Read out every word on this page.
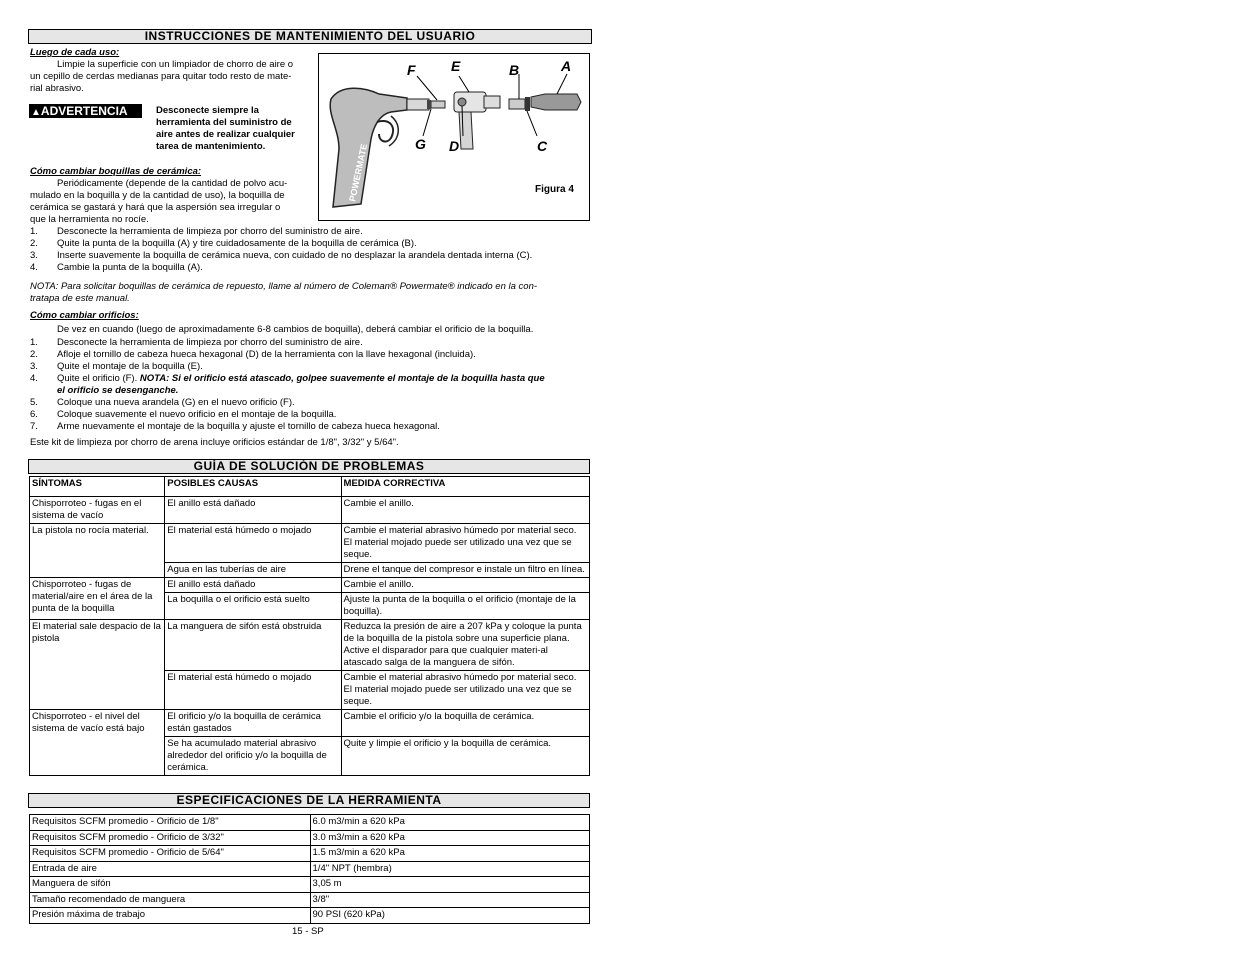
INSTRUCCIONES DE MANTENIMIENTO DEL USUARIO
Luego de cada uso:
Limpie la superficie con un limpiador de chorro de aire o
un cepillo de cerdas medianas para quitar todo resto de mate-
rial abrasivo.
▲ADVERTENCIA	Desconecte siempre la
herramienta del suministro de
aire antes de realizar cualquier
tarea de mantenimiento.
Cómo cambiar boquillas de cerámica:
Periódicamente (depende de la cantidad de polvo acu-
mulado en la boquilla y de la cantidad de uso), la boquilla de
cerámica se gastará y hará que la aspersión sea irregular o
que la herramienta no rocíe.
1. Desconecte la herramienta de limpieza por chorro del suministro de aire.
2. Quite la punta de la boquilla (A) y tire cuidadosamente de la boquilla de cerámica (B).
3. Inserte suavemente la boquilla de cerámica nueva, con cuidado de no desplazar la arandela dentada interna (C).
4. Cambie la punta de la boquilla (A).
NOTA: Para solicitar boquillas de cerámica de repuesto, llame al número de Coleman® Powermate® indicado en la con-
tratapa de este manual.
Cómo cambiar orificios:
De vez en cuando (luego de aproximadamente 6-8 cambios de boquilla), deberá cambiar el orificio de la boquilla.
1. Desconecte la herramienta de limpieza por chorro del suministro de aire.
2. Afloje el tornillo de cabeza hueca hexagonal (D) de la herramienta con la llave hexagonal (incluida).
3. Quite el montaje de la boquilla (E).
4. Quite el orificio (F). NOTA: Si el orificio está atascado, golpee suavemente el montaje de la boquilla hasta que
el orificio se desenganche.
5. Coloque una nueva arandela (G) en el nuevo orificio (F).
6. Coloque suavemente el nuevo orificio en el montaje de la boquilla.
7. Arme nuevamente el montaje de la boquilla y ajuste el tornillo de cabeza hueca hexagonal.
Este kit de limpieza por chorro de arena incluye orificios estándar de 1/8", 3/32" y 5/64".
POWERMATE
F	E	B	A
G D	C
Figura 4
GUÍA DE SOLUCIÓN DE PROBLEMAS
SÍNTOMAS	POSIBLES CAUSAS	MEDIDA CORRECTIVA
Chisporroteo - fugas en el sistema de vacío	El anillo está dañado	Cambie el anillo.
La pistola no rocía material.	El material está húmedo o mojado	Cambie el material abrasivo húmedo por material seco. El material mojado puede ser utilizado una vez que se seque.
	Agua en las tuberías de aire	Drene el tanque del compresor e instale un filtro en línea.
Chisporroteo - fugas de material/aire en el área de la punta de la boquilla	El anillo está dañado	Cambie el anillo.
	La boquilla o el orificio está suelto	Ajuste la punta de la boquilla o el orificio (montaje de la boquilla).
El material sale despacio de la pistola	La manguera de sifón está obstruida	Reduzca la presión de aire a 207 kPa y coloque la punta de la boquilla de la pistola sobre una superficie plana. Active el disparador para que cualquier materi-al atascado salga de la manguera de sifón.
	El material está húmedo o mojado	Cambie el material abrasivo húmedo por material seco. El material mojado puede ser utilizado una vez que se seque.
Chisporroteo - el nivel del sistema de vacío está bajo	El orificio y/o la boquilla de cerámica están gastados	Cambie el orificio y/o la boquilla de cerámica.
	Se ha acumulado material abrasivo alrededor del orificio y/o la boquilla de cerámica.	Quite y limpie el orificio y la boquilla de cerámica.
ESPECIFICACIONES DE LA HERRAMIENTA
Requisitos SCFM promedio - Orificio de 1/8"	6.0 m3/min a 620 kPa
Requisitos SCFM promedio - Orificio de 3/32"	3.0 m3/min a 620 kPa
Requisitos SCFM promedio - Orificio de 5/64"	1.5 m3/min a 620 kPa
Entrada de aire	1/4" NPT (hembra)
Manguera de sifón	3,05 m
Tamaño recomendado de manguera	3/8"
Presión máxima de trabajo	90 PSI (620 kPa)
15 - SP
